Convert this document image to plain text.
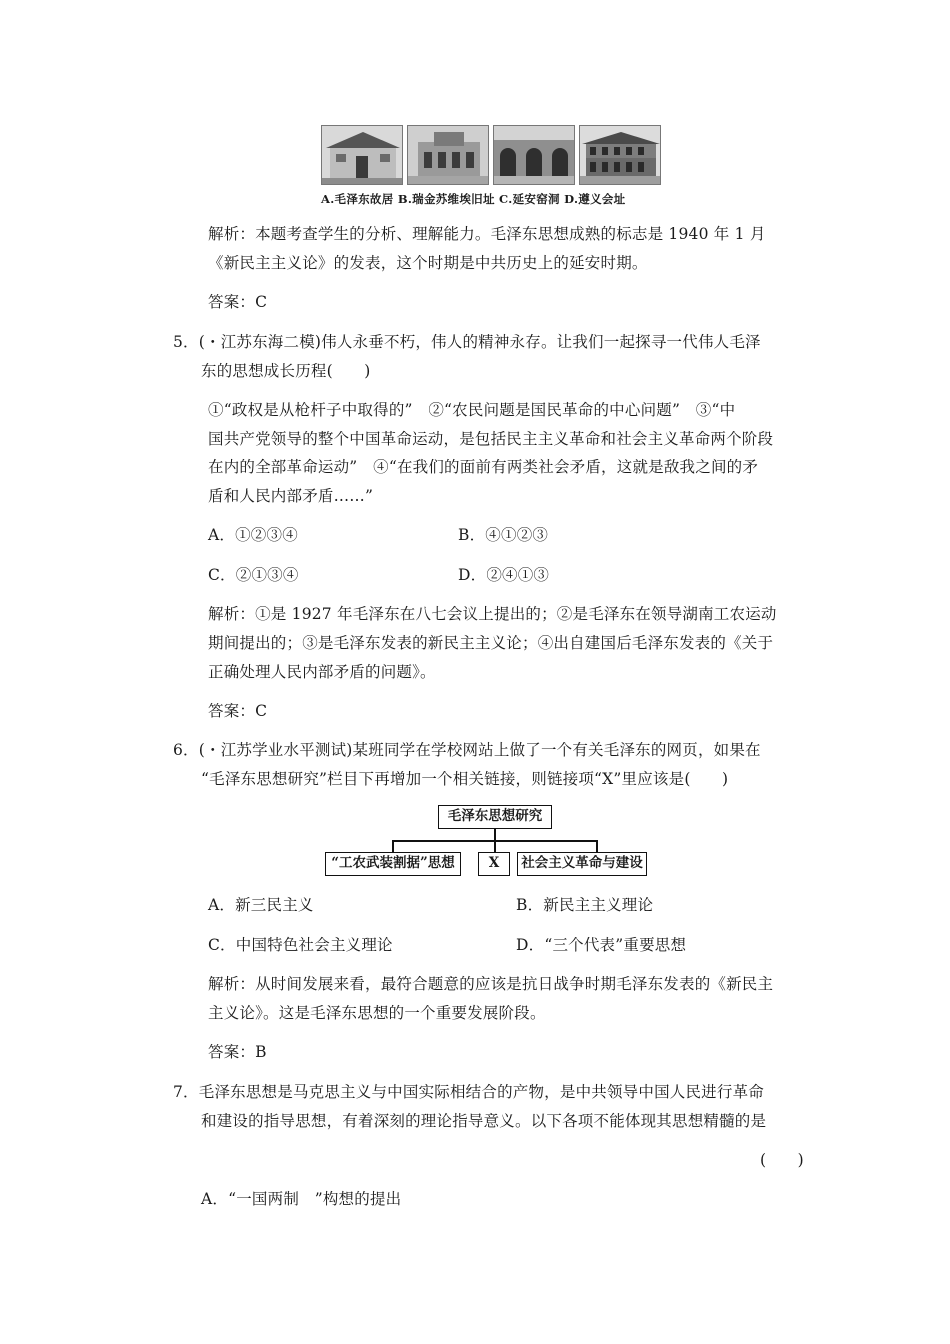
A.毛泽东故居 B.瑞金苏维埃旧址 C.延安窑洞 D.遵义会址
解析：本题考查学生的分析、理解能力。毛泽东思想成熟的标志是 1940 年 1 月
《新民主主义论》的发表，这个时期是中共历史上的延安时期。
答案：C
5．(・江苏东海二模)伟人永垂不朽，伟人的精神永存。让我们一起探寻一代伟人毛泽
东的思想成长历程(　　)
①“政权是从枪杆子中取得的”　②“农民问题是国民革命的中心问题”　③“中
国共产党领导的整个中国革命运动，是包括民主主义革命和社会主义革命两个阶段
在内的全部革命运动”　④“在我们的面前有两类社会矛盾，这就是敌我之间的矛
盾和人民内部矛盾……”
A．①②③④	B．④①②③
C．②①③④	D．②④①③
解析：①是 1927 年毛泽东在八七会议上提出的；②是毛泽东在领导湖南工农运动
期间提出的；③是毛泽东发表的新民主主义论；④出自建国后毛泽东发表的《关于
正确处理人民内部矛盾的问题》。
答案：C
6．(・江苏学业水平测试)某班同学在学校网站上做了一个有关毛泽东的网页，如果在
“毛泽东思想研究”栏目下再增加一个相关链接，则链接项“X”里应该是(　　)
毛泽东思想研究
“工农武装割据”思想	X	社会主义革命与建设
A．新三民主义	B．新民主主义理论
C．中国特色社会主义理论	D．“三个代表”重要思想
解析：从时间发展来看，最符合题意的应该是抗日战争时期毛泽东发表的《新民主
主义论》。这是毛泽东思想的一个重要发展阶段。
答案：B
7．毛泽东思想是马克思主义与中国实际相结合的产物，是中共领导中国人民进行革命
和建设的指导思想，有着深刻的理论指导意义。以下各项不能体现其思想精髓的是
(　　)
A．“一国两制　”构想的提出
